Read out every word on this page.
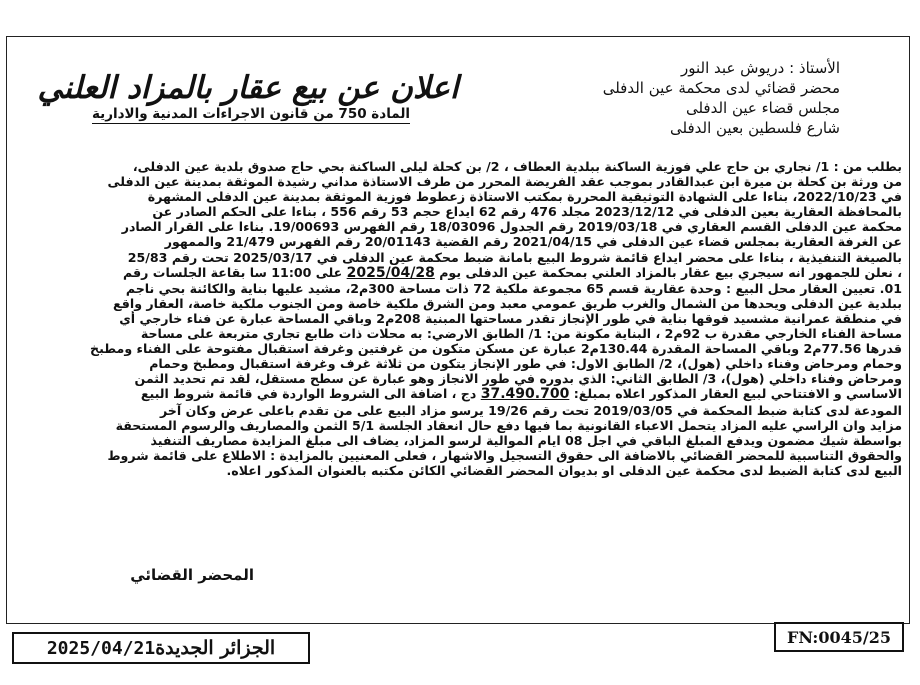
الأستاذ : دريوش عبد النور
محضر قضائي لدى محكمة عين الدفلى
مجلس قضاء عين الدفلى
شارع فلسطين بعين الدفلى
اعلان عن بيع عقار بالمزاد العلني
المادة 750 من قانون الاجراءات المدنية والادارية
بطلب من : 1/ نجاري بن حاج علي فوزية الساكنة ببلدية العطاف ، 2/ بن كحلة ليلى الساكنة بحي حاج صدوق بلدية عين الدفلى،
من ورثة بن كحلة بن ميرة ابن عبدالقادر بموجب عقد الفريضة المحرر من طرف الاستاذة مداني رشيدة الموثقة بمدينة عين الدفلى
في 2022/10/23، بناءا على الشهادة التوثيقية المحررة بمكتب الاستاذة زعطوط فوزية الموثقة بمدينة عين الدفلى المشهرة
بالمحافظة العقارية بعين الدفلى في 2023/12/12 مجلد 476 رقم 62 ايداع حجم 53 رقم 556 ، بناءا على الحكم الصادر عن
محكمة عين الدفلى القسم العقاري في 2019/03/18 رقم الجدول 18/03096 رقم الفهرس 19/00693. بناءا على القرار الصادر
عن الغرفة العقارية بمجلس قضاء عين الدفلى في 2021/04/15 رقم القضية 20/01143 رقم الفهرس 21/479 والممهور
بالصيغة التنفيذية ، بناءا على محضر ايداع قائمة شروط البيع بامانة ضبط محكمة عين الدفلى في 2025/03/17 تحت رقم 25/83
، نعلن للجمهور انه سيجري بيع عقار بالمزاد العلني بمحكمة عين الدفلى يوم 2025/04/28 على 11:00 سا بقاعة الجلسات رقم
01. تعيين العقار محل البيع : وحدة عقارية قسم 65 مجموعة ملكية 72 ذات مساحة 300م2، مشيد عليها بناية والكائنة بحي ناجم
ببلدية عين الدفلى ويحدها من الشمال والغرب طريق عمومي معبد ومن الشرق ملكية خاصة ومن الجنوب ملكية خاصة، العقار واقع
في منطقة عمرانية مشسيد فوقها بناية في طور الإنجاز تقدر مساحتها المبنية 208م2 وباقي المساحة عبارة عن فناء خارجي أي
مساحة الفناء الخارجي مقدرة ب 92م2 ، البناية مكونة من: 1/ الطابق الارضي: به محلات ذات طابع تجاري متربعة على مساحة
قدرها 77.56م2 وباقي المساحة المقدرة 130.44م2 عبارة عن مسكن متكون من غرفتين وغرفة استقبال مفتوحة على الفناء ومطبخ
وحمام ومرحاض وفناء داخلي (هول)، 2/ الطابق الاول: في طور الإنجاز يتكون من ثلاثة غرف وغرفة استقبال ومطبخ وحمام
ومرحاض وفناء داخلي (هول)، 3/ الطابق الثاني: الذي بدوره في طور الانجاز وهو عبارة عن سطح مستقل، لقد تم تحديد الثمن
الاساسي و الافتتاحي لبيع العقار المذكور اعلاه بمبلغ: 37.490.700 دج ، اضافة الى الشروط الواردة في قائمة شروط البيع
المودعة لدى كتابة ضبط المحكمة في 2019/03/05 تحت رقم 19/26 يرسو مزاد البيع على من تقدم باعلى عرض وكان آخر
مزايد وان الراسي عليه المزاد يتحمل الاعباء القانونية بما فيها دفع حال انعقاد الجلسة 5/1 الثمن والمصاريف والرسوم المستحقة
بواسطة شيك مضمون ويدفع المبلغ الباقي في اجل 08 ايام الموالية لرسو المزاد، يضاف الى مبلغ المزايدة مصاريف التنفيذ
والحقوق التناسبية للمحضر القضائي بالاضافة الى حقوق التسجيل والاشهار ، فعلى المعنيين بالمزايدة : الاطلاع على قائمة شروط
البيع لدى كتابة الضبط لدى محكمة عين الدفلى او بديوان المحضر القضائي الكائن مكتبه بالعنوان المذكور اعلاه.
المحضر القضائي
الجزائر الجديدة
2025/04/21
FN:0045/25
